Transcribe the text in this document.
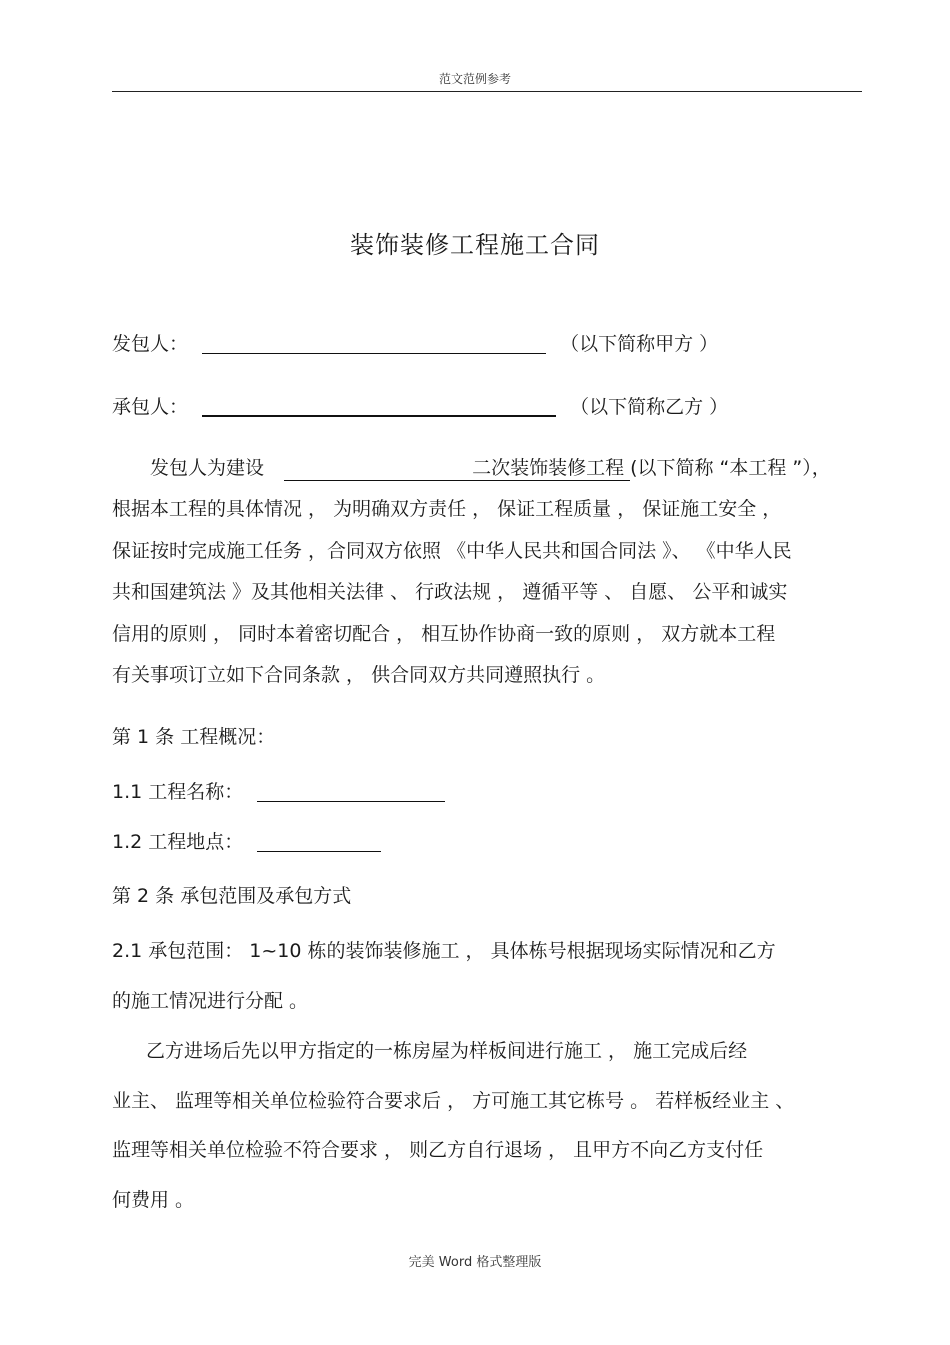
范文范例参考
装饰装修工程施工合同
发包人：	（以下简称甲方 ）
承包人：	（以下简称乙方 ）
发包人为建设	二次装饰装修工程 (以下简称 “本工程 ”），
根据本工程的具体情况 ， 为明确双方责任 ， 保证工程质量 ， 保证施工安全 ，
保证按时完成施工任务 ，合同双方依照 《中华人民共和国合同法 》、 《中华人民
共和国建筑法 》及其他相关法律 、 行政法规 ， 遵循平等 、 自愿、 公平和诚实
信用的原则 ， 同时本着密切配合 ， 相互协作协商一致的原则 ， 双方就本工程
有关事项订立如下合同条款 ， 供合同双方共同遵照执行 。
第 1 条 工程概况：
1.1 工程名称：
1.2 工程地点：
第 2 条 承包范围及承包方式
2.1 承包范围： 1~10 栋的装饰装修施工 ， 具体栋号根据现场实际情况和乙方
的施工情况进行分配 。
乙方进场后先以甲方指定的一栋房屋为样板间进行施工 ， 施工完成后经
业主、 监理等相关单位检验符合要求后 ， 方可施工其它栋号 。 若样板经业主 、
监理等相关单位检验不符合要求 ， 则乙方自行退场 ， 且甲方不向乙方支付任
何费用 。
完美 Word 格式整理版
